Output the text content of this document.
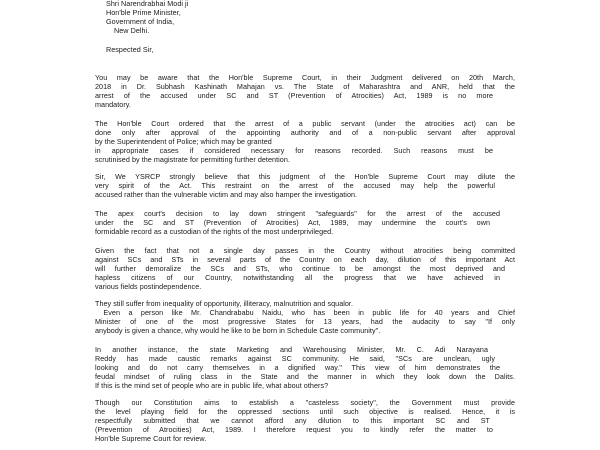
Shri Narendrabhai Modi ji
Hon'ble Prime Minister,
Government of India,
New Delhi.
Respected Sir,
You may be aware that the Hon'ble Supreme Court, in their Judgment delivered on 20th March,
2018 in Dr. Subhash Kashinath Mahajan vs. The State of Maharashtra and ANR, held that the
arrest of the accused under SC and ST (Prevention of Atrocities) Act, 1989 is no more
mandatory.
The Hon'ble Court ordered that the arrest of a public servant (under the atrocities act) can be
done only after approval of the appointing authority and of a non-public servant after approval
by the Superintendent of Police; which may be granted
in appropriate cases if considered necessary for reasons recorded. Such reasons must be
scrutinised by the magistrate for permitting further detention.
Sir, We YSRCP strongly believe that this judgment of the Hon'ble Supreme Court may dilute the
very spirit of the Act. This restraint on the arrest of the accused may help the powerful
accused rather than the vulnerable victim and may also hamper the investigation.
The apex court's decision to lay down stringent "safeguards" for the arrest of the accused
under the SC and ST (Prevention of Atrocities) Act, 1989, may undermine the court's own
formidable record as a custodian of the rights of the most underprivileged.
Given the fact that not a single day passes in the Country without atrocities being committed
against SCs and STs in several parts of the Country on each day, dilution of this important Act
will further demoralize the SCs and STs, who continue to be amongst the most deprived and
hapless citizens of our Country, notwithstanding all the progress that we have achieved in
various fields postindependence.
They still suffer from inequality of opportunity, illiteracy, malnutrition and squalor.
Even a person like Mr. Chandrababu Naidu, who has been in public life for 40 years and Chief
Minister of one of the most progressive States for 13 years, had the audacity to say "If only
anybody is given a chance, why would he like to be born in Schedule Caste community".
In another instance, the state Marketing and Warehousing Minister, Mr. C. Adi Narayana
Reddy has made caustic remarks against SC community. He said, "SCs are unclean, ugly
looking and do not carry themselves in a dignified way." This view of him demonstrates the
feudal mindset of ruling class in the State and the manner in which they look down the Dalits.
If this is the mind set of people who are in public life, what about others?
Though our Constitution aims to establish a "casteless society", the Government must provide
the level playing field for the oppressed sections until such objective is realised. Hence, it is
respectfully submitted that we cannot afford any dilution to this important SC and ST
(Prevention of Atrocities) Act, 1989. I therefore request you to kindly refer the matter to
Hon'ble Supreme Court for review.
